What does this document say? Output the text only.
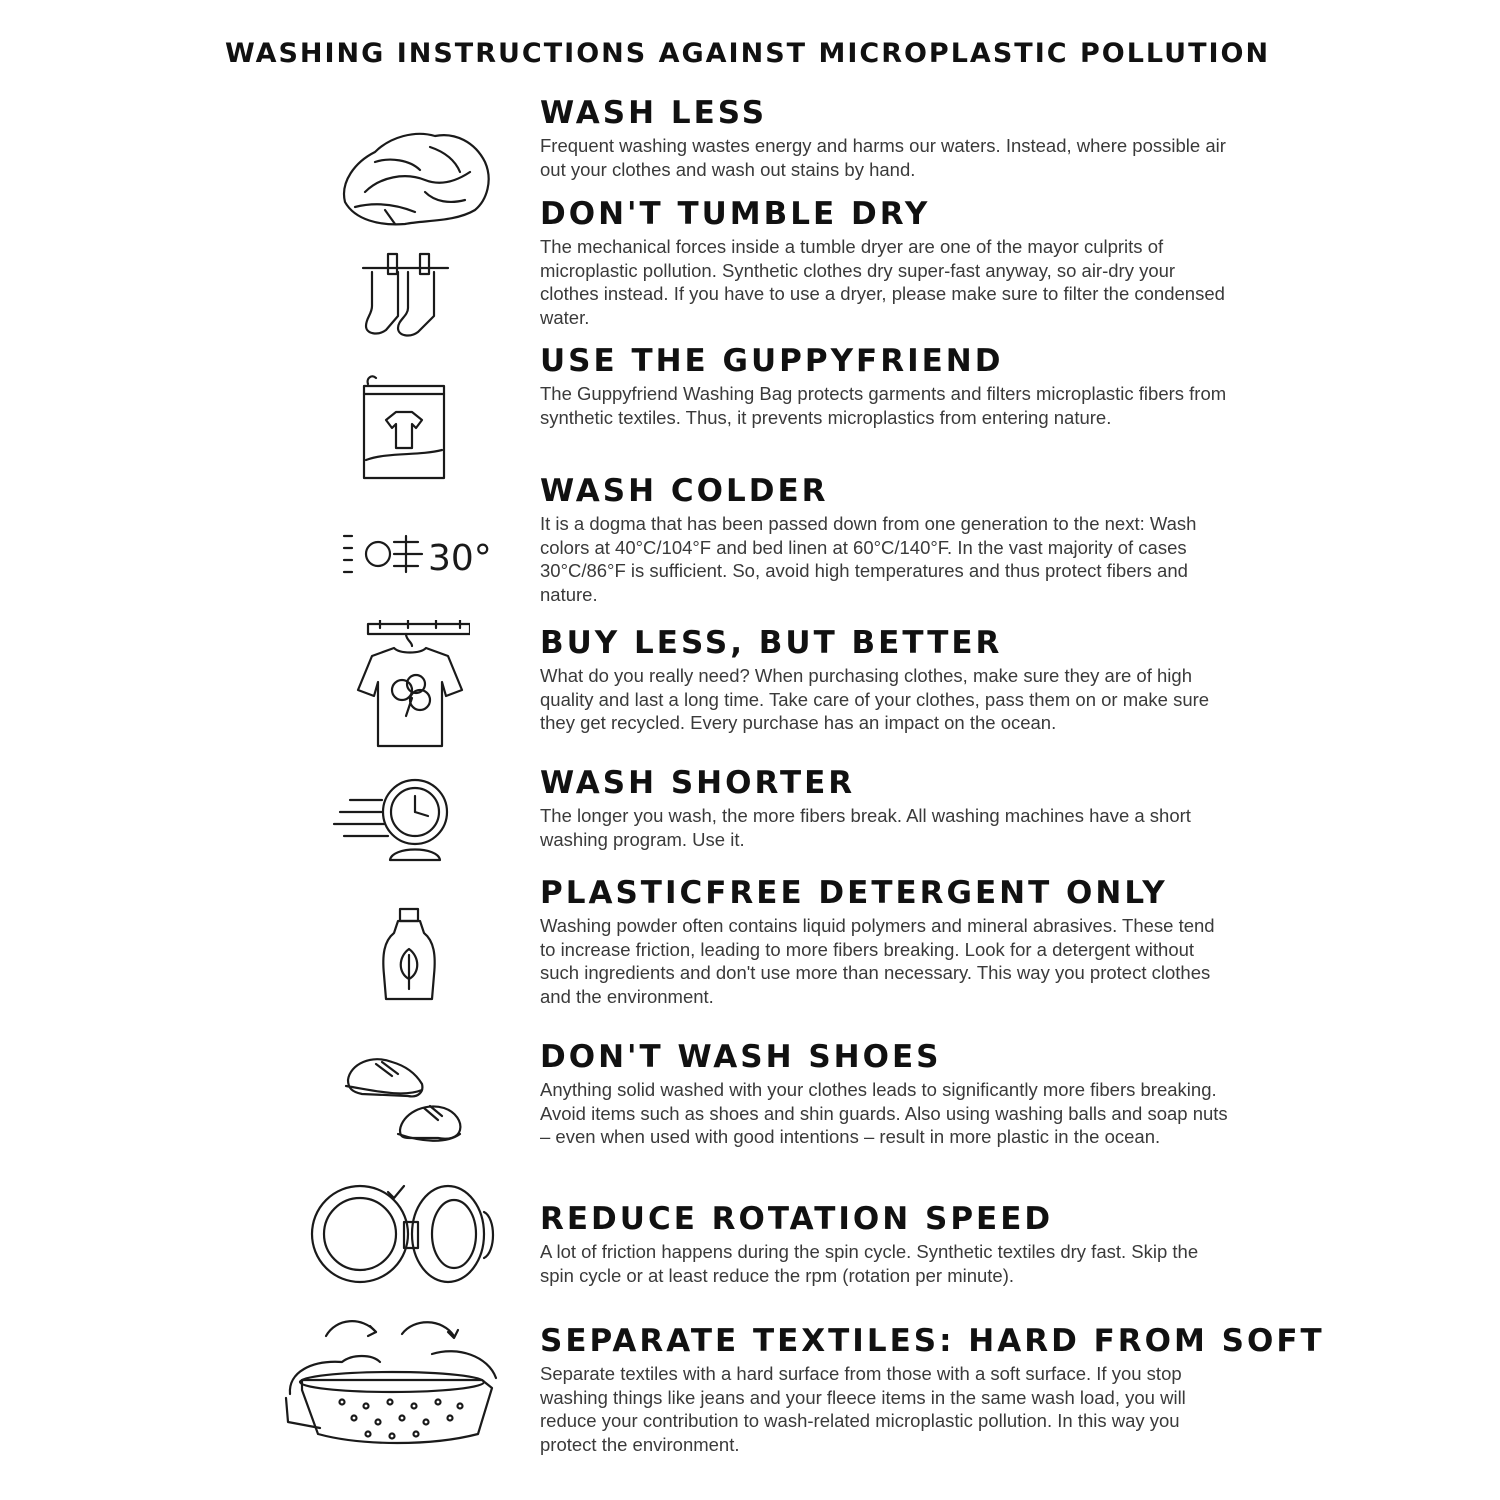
WASHING INSTRUCTIONS AGAINST MICROPLASTIC POLLUTION
WASH LESS

Frequent washing wastes energy and harms our waters. Instead, where possible air out your clothes and wash out stains by hand.

DON'T TUMBLE DRY

The mechanical forces inside a tumble dryer are one of the mayor culprits of microplastic pollution. Synthetic clothes dry super-fast anyway, so air-dry your clothes instead. If you have to use a dryer, please make sure to filter the condensed water.

USE THE GUPPYFRIEND

The Guppyfriend Washing Bag protects garments and filters microplastic fibers from synthetic textiles. Thus, it prevents microplastics from entering nature.

30°
WASH COLDER

It is a dogma that has been passed down from one generation to the next: Wash colors at 40°C/104°F and bed linen at 60°C/140°F. In the vast majority of cases 30°C/86°F is sufficient. So, avoid high temperatures and thus protect fibers and nature.

BUY LESS, BUT BETTER

What do you really need? When purchasing clothes, make sure they are of high quality and last a long time. Take care of your clothes, pass them on or make sure they get recycled. Every purchase has an impact on the ocean.

WASH SHORTER

The longer you wash, the more fibers break. All washing machines have a short washing program. Use it.

PLASTICFREE DETERGENT ONLY

Washing powder often contains liquid polymers and mineral abrasives. These tend to increase friction, leading to more fibers breaking. Look for a detergent without such ingredients and don't use more than necessary. This way you protect clothes and the environment.

DON'T WASH SHOES

Anything solid washed with your clothes leads to significantly more fibers breaking. Avoid items such as shoes and shin guards. Also using washing balls and soap nuts – even when used with good intentions – result in more plastic in the ocean.

REDUCE ROTATION SPEED

A lot of friction happens during the spin cycle. Synthetic textiles dry fast. Skip the spin cycle or at least reduce the rpm (rotation per minute).

SEPARATE TEXTILES: HARD FROM SOFT

Separate textiles with a hard surface from those with a soft surface. If you stop washing things like jeans and your fleece items in the same wash load, you will reduce your contribution to wash-related microplastic pollution. In this way you protect the environment.
